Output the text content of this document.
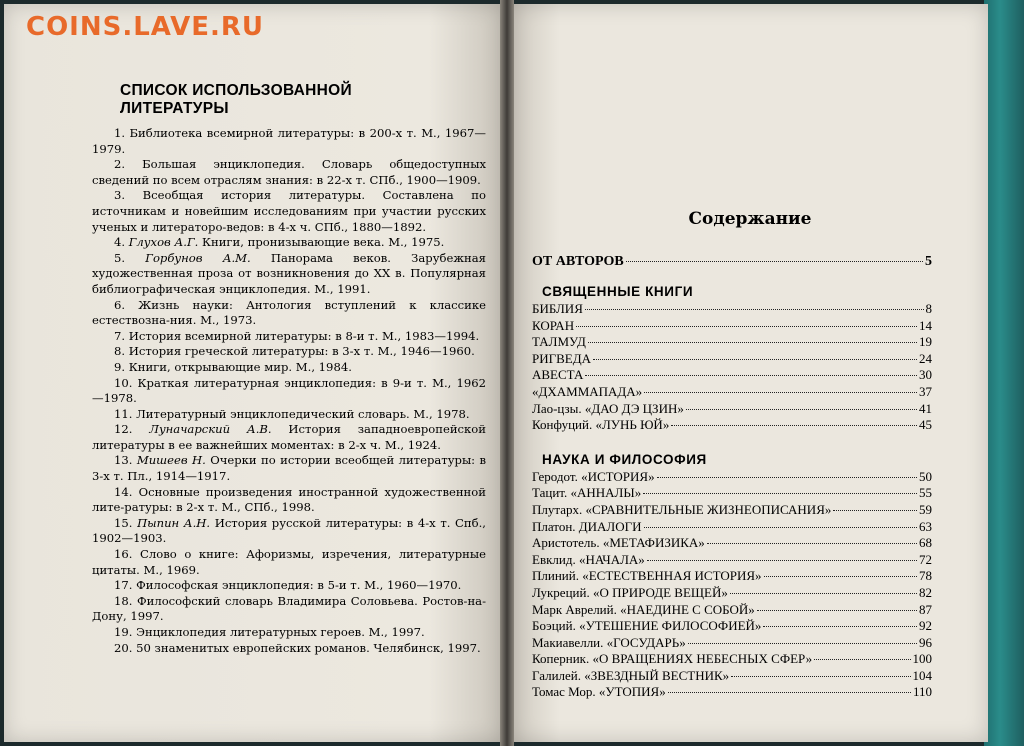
COINS.LAVE.RU
СПИСОК ИСПОЛЬЗОВАННОЙ ЛИТЕРАТУРЫ

1. Библиотека всемирной литературы: в 200-х т. М., 1967—1979.

2. Большая энциклопедия. Словарь общедоступных сведений по всем отраслям знания: в 22-х т. СПб., 1900—1909.

3. Всеобщая история литературы. Составлена по источникам и новейшим исследованиям при участии русских ученых и литераторо-ведов: в 4-х ч. СПб., 1880—1892.

4. Глухов А.Г. Книги, пронизывающие века. М., 1975.

5. Горбунов А.М. Панорама веков. Зарубежная художественная проза от возникновения до XX в. Популярная библиографическая энциклопедия. М., 1991.

6. Жизнь науки: Антология вступлений к классике естествозна-ния. М., 1973.

7. История всемирной литературы: в 8-и т. М., 1983—1994.

8. История греческой литературы: в 3-х т. М., 1946—1960.

9. Книги, открывающие мир. М., 1984.

10. Краткая литературная энциклопедия: в 9-и т. М., 1962—1978.

11. Литературный энциклопедический словарь. М., 1978.

12. Луначарский А.В. История западноевропейской литературы в ее важнейших моментах: в 2-х ч. М., 1924.

13. Мишеев Н. Очерки по истории всеобщей литературы: в 3-х т. Пл., 1914—1917.

14. Основные произведения иностранной художественной лите-ратуры: в 2-х т. М., СПб., 1998.

15. Пыпин А.Н. История русской литературы: в 4-х т. Спб., 1902—1903.

16. Слово о книге: Афоризмы, изречения, литературные цитаты. М., 1969.

17. Философская энциклопедия: в 5-и т. М., 1960—1970.

18. Философский словарь Владимира Соловьева. Ростов-на-Дону, 1997.

19. Энциклопедия литературных героев. М., 1997.

20. 50 знаменитых европейских романов. Челябинск, 1997.

Содержание
ОТ АВТОРОВ	5
СВЯЩЕННЫЕ КНИГИ
БИБЛИЯ	8
КОРАН	14
ТАЛМУД	19
РИГВЕДА	24
АВЕСТА	30
«ДХАММАПАДА»	37
Лао-цзы. «ДАО ДЭ ЦЗИН»	41
Конфуций. «ЛУНЬ ЮЙ»	45
НАУКА И ФИЛОСОФИЯ
Геродот. «ИСТОРИЯ»	50
Тацит. «АННАЛЫ»	55
Плутарх. «СРАВНИТЕЛЬНЫЕ ЖИЗНЕОПИСАНИЯ»	59
Платон. ДИАЛОГИ	63
Аристотель. «МЕТАФИЗИКА»	68
Евклид. «НАЧАЛА»	72
Плиний. «ЕСТЕСТВЕННАЯ ИСТОРИЯ»	78
Лукреций. «О ПРИРОДЕ ВЕЩЕЙ»	82
Марк Аврелий. «НАЕДИНЕ С СОБОЙ»	87
Боэций. «УТЕШЕНИЕ ФИЛОСОФИЕЙ»	92
Макиавелли. «ГОСУДАРЬ»	96
Коперник. «О ВРАЩЕНИЯХ НЕБЕСНЫХ СФЕР»	100
Галилей. «ЗВЕЗДНЫЙ ВЕСТНИК»	104
Томас Мор. «УТОПИЯ»	110
